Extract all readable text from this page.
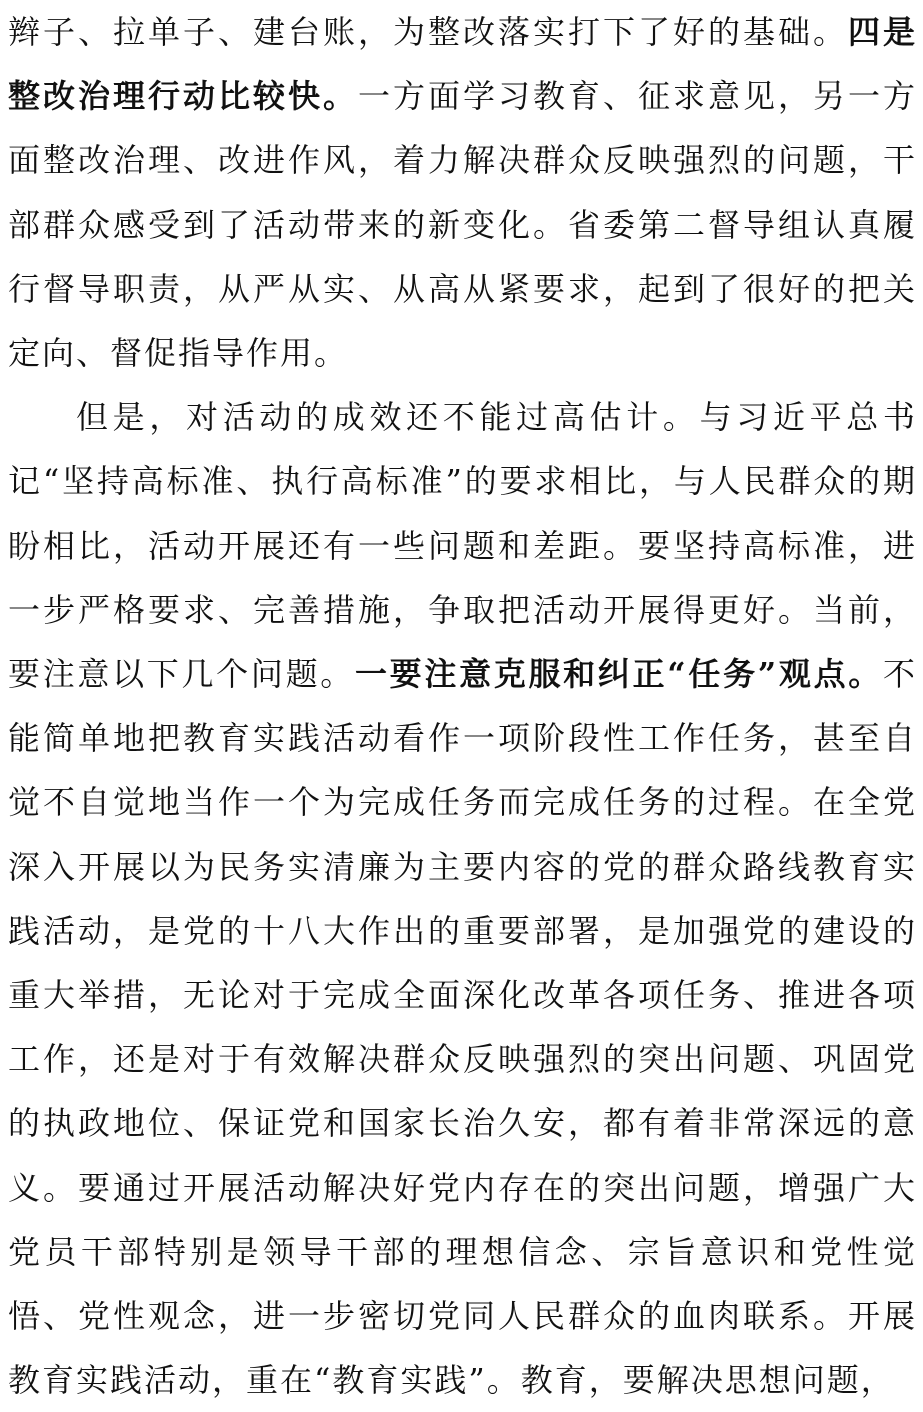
辫子、拉单子、建台账，为整改落实打下了好的基础。四是整改治理行动比较快。一方面学习教育、征求意见，另一方面整改治理、改进作风，着力解决群众反映强烈的问题，干部群众感受到了活动带来的新变化。省委第二督导组认真履行督导职责，从严从实、从高从紧要求，起到了很好的把关定向、督促指导作用。

但是，对活动的成效还不能过高估计。与习近平总书记“坚持高标准、执行高标准”的要求相比，与人民群众的期盼相比，活动开展还有一些问题和差距。要坚持高标准，进一步严格要求、完善措施，争取把活动开展得更好。当前，要注意以下几个问题。一要注意克服和纠正“任务”观点。不能简单地把教育实践活动看作一项阶段性工作任务，甚至自觉不自觉地当作一个为完成任务而完成任务的过程。在全党深入开展以为民务实清廉为主要内容的党的群众路线教育实践活动，是党的十八大作出的重要部署，是加强党的建设的重大举措，无论对于完成全面深化改革各项任务、推进各项工作，还是对于有效解决群众反映强烈的突出问题、巩固党的执政地位、保证党和国家长治久安，都有着非常深远的意义。要通过开展活动解决好党内存在的突出问题，增强广大党员干部特别是领导干部的理想信念、宗旨意识和党性觉悟、党性观念，进一步密切党同人民群众的血肉联系。开展教育实践活动，重在“教育实践”。教育，要解决思想问题，
